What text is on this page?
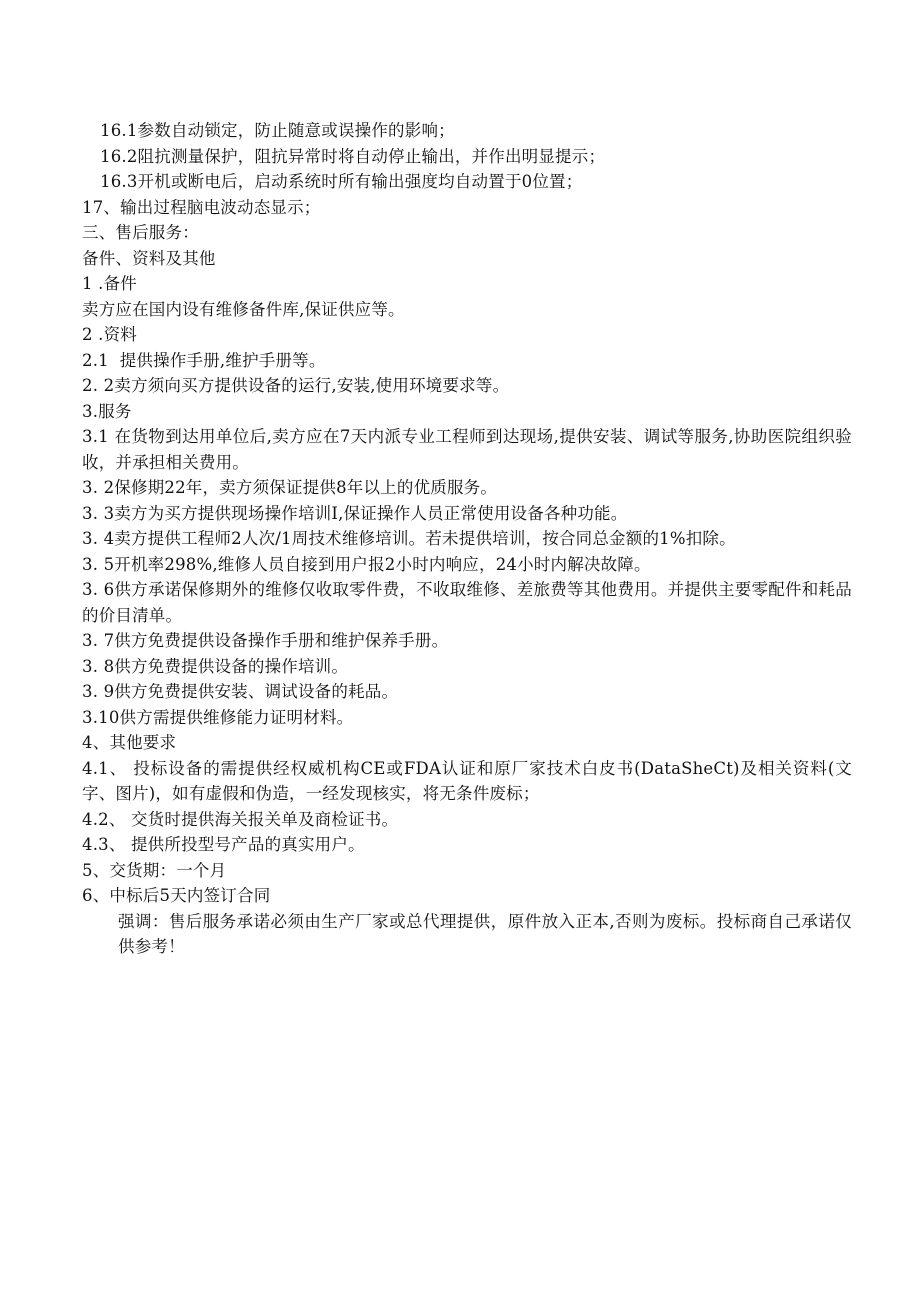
16.1参数自动锁定，防止随意或误操作的影响；
16.2阻抗测量保护，阻抗异常时将自动停止输出，并作出明显提示；
16.3开机或断电后，启动系统时所有输出强度均自动置于0位置；
17、输出过程脑电波动态显示；
三、售后服务：
备件、资料及其他
1 .备件
卖方应在国内设有维修备件库,保证供应等。
2 .资料
2.1  提供操作手册,维护手册等。
2. 2卖方须向买方提供设备的运行,安装,使用环境要求等。
3.服务
3.1 在货物到达用单位后,卖方应在7天内派专业工程师到达现场,提供安装、调试等服务,协助医院组织验收，并承担相关费用。
3. 2保修期22年，卖方须保证提供8年以上的优质服务。
3. 3卖方为买方提供现场操作培训I,保证操作人员正常使用设备各种功能。
3. 4卖方提供工程师2人次/1周技术维修培训。若未提供培训，按合同总金额的1%扣除。
3. 5开机率298%,维修人员自接到用户报2小时内响应，24小时内解决故障。
3. 6供方承诺保修期外的维修仅收取零件费，不收取维修、差旅费等其他费用。并提供主要零配件和耗品的价目清单。
3. 7供方免费提供设备操作手册和维护保养手册。
3. 8供方免费提供设备的操作培训。
3. 9供方免费提供安装、调试设备的耗品。
3.10供方需提供维修能力证明材料。
4、其他要求
4.1、 投标设备的需提供经权威机构CE或FDA认证和原厂家技术白皮书(DataSheCt)及相关资料(文字、图片)，如有虚假和伪造，一经发现核实，将无条件废标；
4.2、 交货时提供海关报关单及商检证书。
4.3、 提供所投型号产品的真实用户。
5、交货期：一个月
6、中标后5天内签订合同
强调：售后服务承诺必须由生产厂家或总代理提供，原件放入正本,否则为废标。投标商自己承诺仅供参考！
